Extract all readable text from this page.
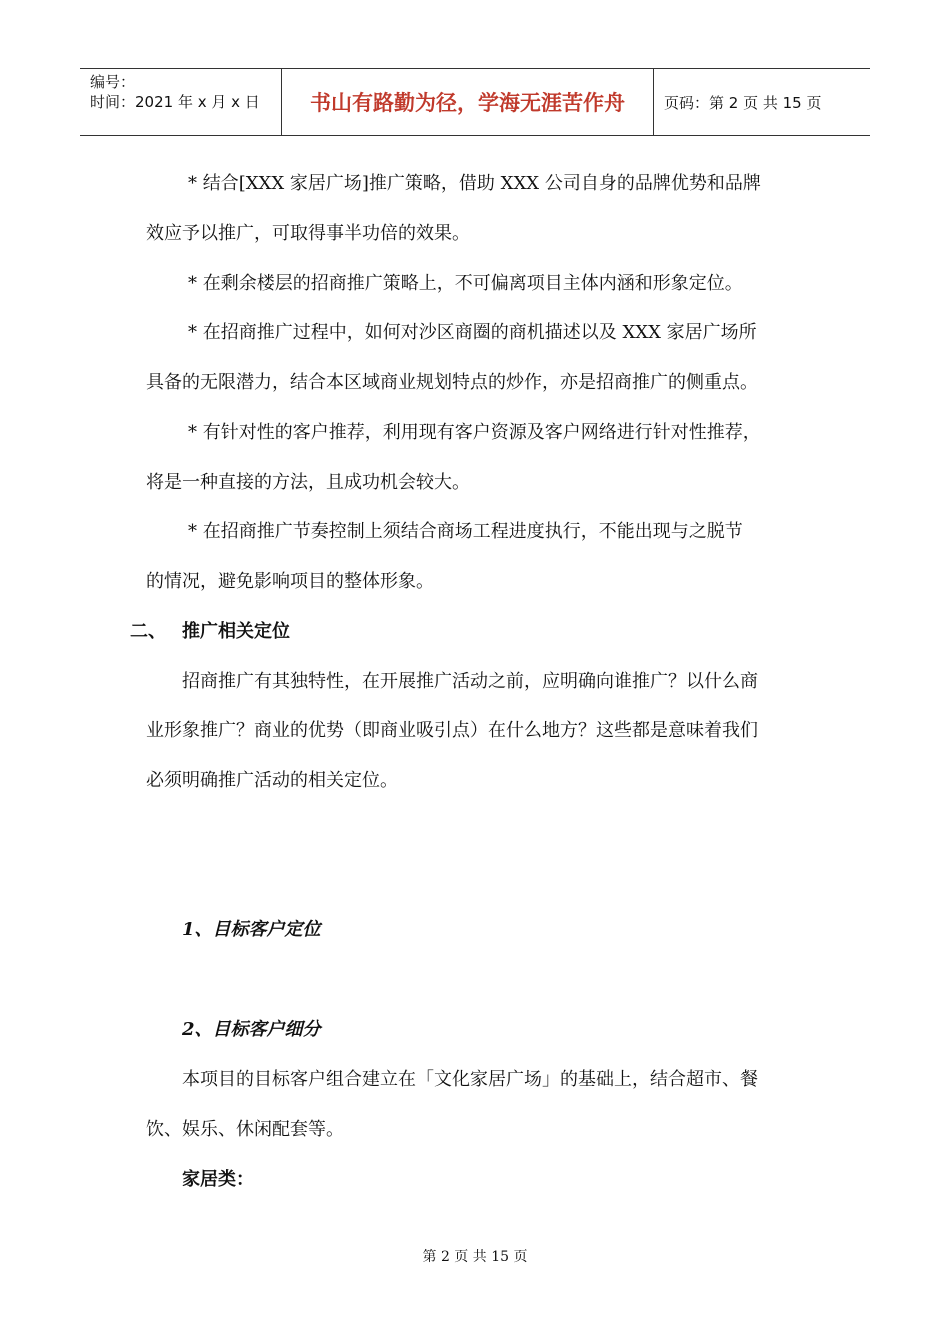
编号：
时间：2021 年 x 月 x 日	书山有路勤为径，学海无涯苦作舟	页码：第 2 页 共 15 页
* 结合[XXX 家居广场]推广策略，借助 XXX 公司自身的品牌优势和品牌
效应予以推广，可取得事半功倍的效果。
* 在剩余楼层的招商推广策略上，不可偏离项目主体内涵和形象定位。
* 在招商推广过程中，如何对沙区商圈的商机描述以及 XXX 家居广场所
具备的无限潜力，结合本区域商业规划特点的炒作，亦是招商推广的侧重点。
* 有针对性的客户推荐，利用现有客户资源及客户网络进行针对性推荐，
将是一种直接的方法，且成功机会较大。
* 在招商推广节奏控制上须结合商场工程进度执行，不能出现与之脱节
的情况，避免影响项目的整体形象。
二、 推广相关定位
招商推广有其独特性，在开展推广活动之前，应明确向谁推广？以什么商
业形象推广？商业的优势（即商业吸引点）在什么地方？这些都是意味着我们
必须明确推广活动的相关定位。
1、目标客户定位
2、目标客户细分
本项目的目标客户组合建立在「文化家居广场」的基础上，结合超市、餐
饮、娱乐、休闲配套等。
家居类：
第 2 页 共 15 页
